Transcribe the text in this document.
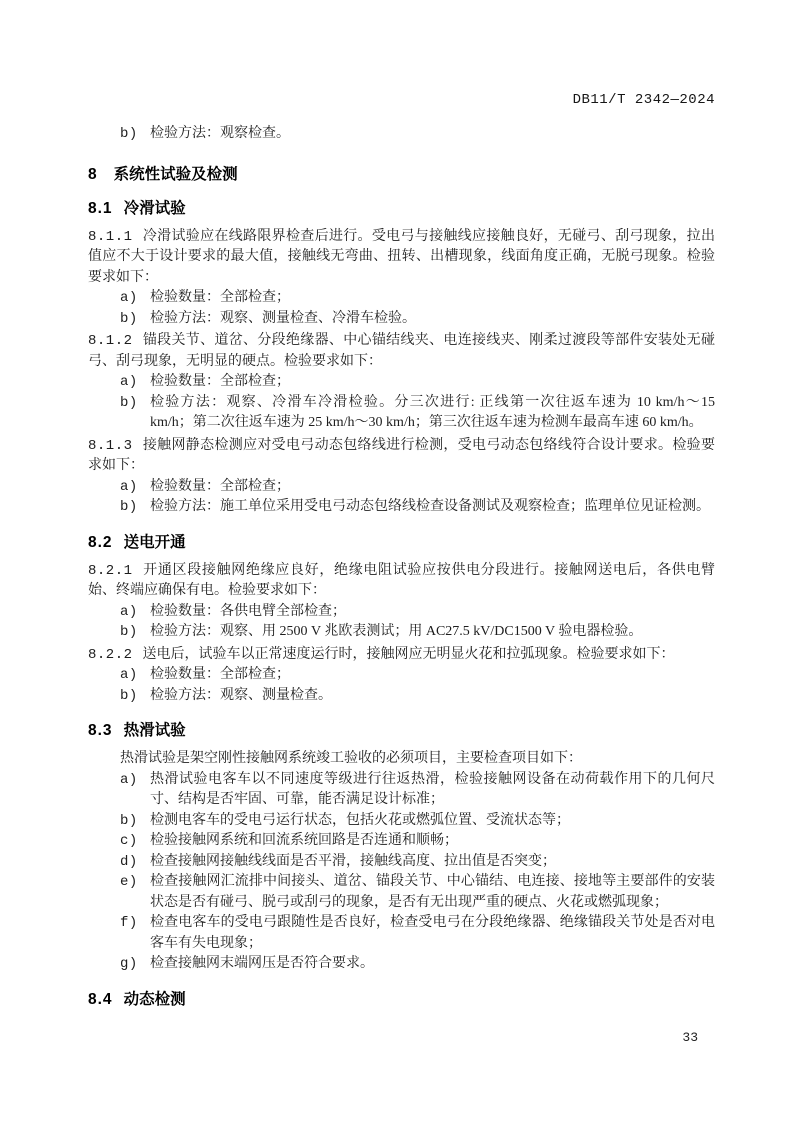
DB11/T 2342—2024

b) 检验方法：观察检查。

8 系统性试验及检测
8.1 冷滑试验

8.1.1 冷滑试验应在线路限界检查后进行。受电弓与接触线应接触良好，无碰弓、刮弓现象，拉出值应不大于设计要求的最大值，接触线无弯曲、扭转、出槽现象，线面角度正确，无脱弓现象。检验要求如下：

a) 检验数量：全部检查；

b) 检验方法：观察、测量检查、冷滑车检验。

8.1.2 锚段关节、道岔、分段绝缘器、中心锚结线夹、电连接线夹、刚柔过渡段等部件安装处无碰弓、刮弓现象，无明显的硬点。检验要求如下：

a) 检验数量：全部检查；

b) 检验方法：观察、冷滑车冷滑检验。分三次进行: 正线第一次往返车速为 10 km/h～15 km/h；第二次往返车速为 25 km/h～30 km/h；第三次往返车速为检测车最高车速 60 km/h。

8.1.3 接触网静态检测应对受电弓动态包络线进行检测，受电弓动态包络线符合设计要求。检验要求如下：

a) 检验数量：全部检查；

b) 检验方法：施工单位采用受电弓动态包络线检查设备测试及观察检查；监理单位见证检测。

8.2 送电开通

8.2.1 开通区段接触网绝缘应良好，绝缘电阻试验应按供电分段进行。接触网送电后，各供电臂始、终端应确保有电。检验要求如下：

a) 检验数量：各供电臂全部检查；

b) 检验方法：观察、用 2500 V 兆欧表测试；用 AC27.5 kV/DC1500 V 验电器检验。

8.2.2 送电后，试验车以正常速度运行时，接触网应无明显火花和拉弧现象。检验要求如下：

a) 检验数量：全部检查；

b) 检验方法：观察、测量检查。

8.3 热滑试验

热滑试验是架空刚性接触网系统竣工验收的必须项目，主要检查项目如下：

a) 热滑试验电客车以不同速度等级进行往返热滑，检验接触网设备在动荷载作用下的几何尺寸、结构是否牢固、可靠，能否满足设计标准；

b) 检测电客车的受电弓运行状态，包括火花或燃弧位置、受流状态等；

c) 检验接触网系统和回流系统回路是否连通和顺畅；

d) 检查接触网接触线线面是否平滑，接触线高度、拉出值是否突变；

e) 检查接触网汇流排中间接头、道岔、锚段关节、中心锚结、电连接、接地等主要部件的安装状态是否有碰弓、脱弓或刮弓的现象，是否有无出现严重的硬点、火花或燃弧现象；

f) 检查电客车的受电弓跟随性是否良好，检查受电弓在分段绝缘器、绝缘锚段关节处是否对电客车有失电现象；

g) 检查接触网末端网压是否符合要求。

8.4 动态检测
33
